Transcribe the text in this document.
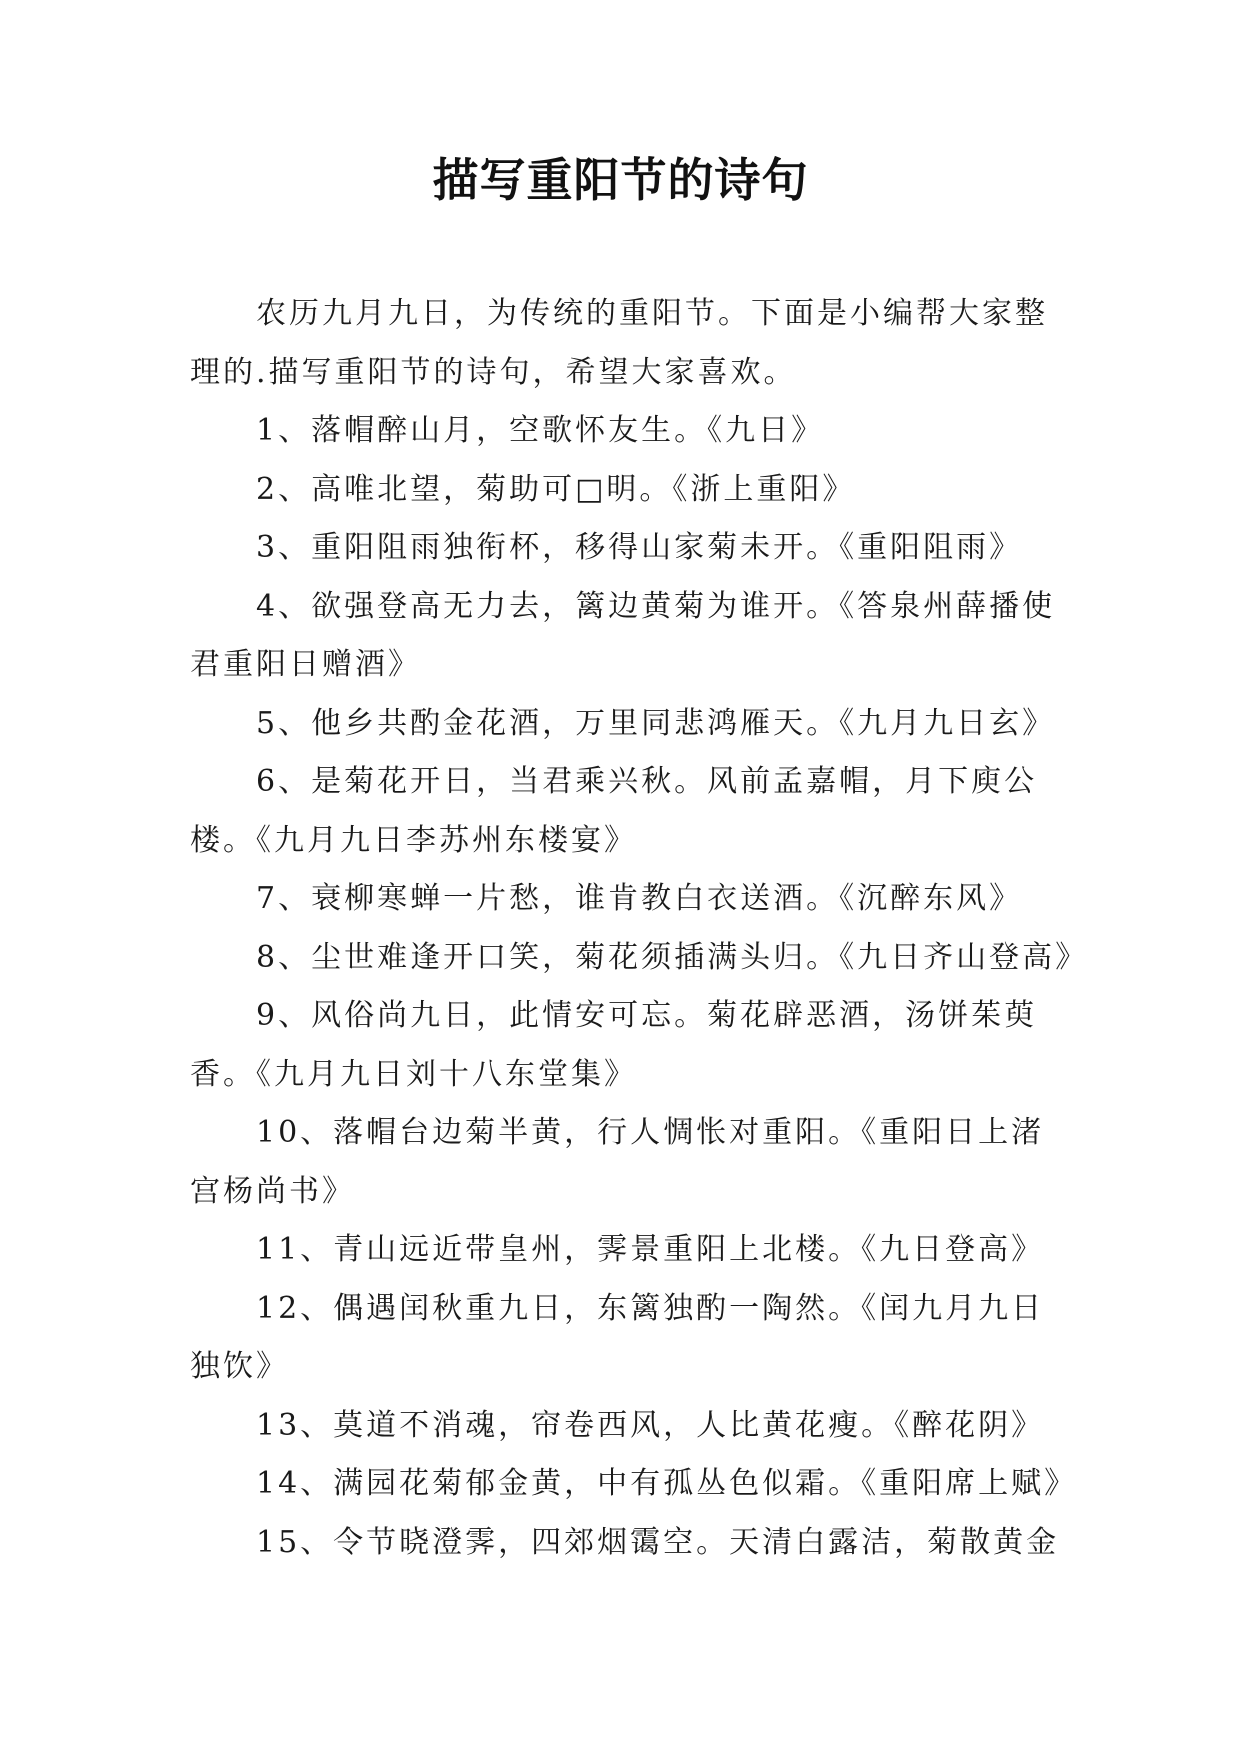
描写重阳节的诗句

农历九月九日，为传统的重阳节。下面是小编帮大家整
理的.描写重阳节的诗句，希望大家喜欢。

1、落帽醉山月，空歌怀友生。《九日》

2、高唯北望，菊助可□明。《浙上重阳》

3、重阳阻雨独衔杯，移得山家菊未开。《重阳阻雨》

4、欲强登高无力去，篱边黄菊为谁开。《答泉州薛播使
君重阳日赠酒》

5、他乡共酌金花酒，万里同悲鸿雁天。《九月九日玄》

6、是菊花开日，当君乘兴秋。风前孟嘉帽，月下庾公
楼。《九月九日李苏州东楼宴》

7、衰柳寒蝉一片愁，谁肯教白衣送酒。《沉醉东风》

8、尘世难逢开口笑，菊花须插满头归。《九日齐山登高》

9、风俗尚九日，此情安可忘。菊花辟恶酒，汤饼茱萸
香。《九月九日刘十八东堂集》

10、落帽台边菊半黄，行人惆怅对重阳。《重阳日上渚
宫杨尚书》

11、青山远近带皇州，霁景重阳上北楼。《九日登高》

12、偶遇闰秋重九日，东篱独酌一陶然。《闰九月九日
独饮》

13、莫道不消魂，帘卷西风，人比黄花瘦。《醉花阴》

14、满园花菊郁金黄，中有孤丛色似霜。《重阳席上赋》

15、令节晓澄霁，四郊烟霭空。天清白露洁，菊散黄金
